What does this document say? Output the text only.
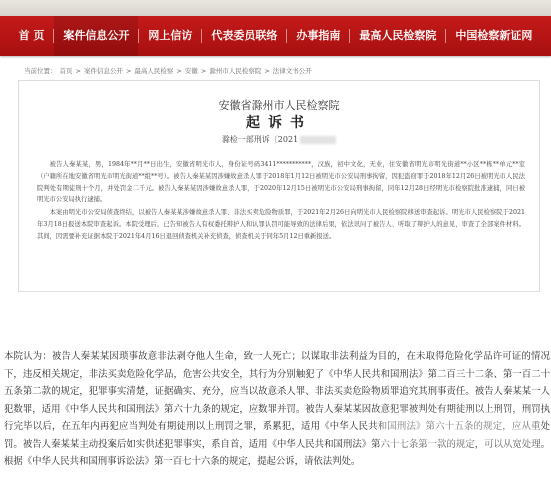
首 页	案件信息公开	网上信访	代表委员联络	办事指南	最高人民检察院	中国检察新证网
当前位置： 首页 > 案件信息公开 > 最高人民检察 > 安徽 > 滁州市人民检察院 > 法律文书公开
安徽省滁州市人民检察院
起诉书
滁检一部刑诉〔2021

被告人秦某某，男，1984年**月**日出生，安徽省明光市人，身份证号码3411***********，汉族，初中文化，无业，住安徽省明光市明光街道**小区**栋**单元**室（户籍所在地安徽省明光市明光街道**组**号）。被告人秦某某因涉嫌故意杀人罪于2018年1月12日被明光市公安局刑事拘留，因犯盗窃罪于2018年12月26日被明光市人民法院判处有期徒刑十个月，并处罚金二千元。被告人秦某某因涉嫌故意杀人罪，于2020年12月15日被明光市公安局刑事拘留，同年12月28日经明光市检察院批准逮捕，同日被明光市公安局执行逮捕。

本案由明光市公安局侦查终结，以被告人秦某某涉嫌故意杀人罪、非法买卖危险物质罪，于2021年2月26日向明光市人民检察院移送审查起诉。明光市人民检察院于2021年3月18日报送本院审查起诉。本院受理后，已告知被告人有权委托辩护人和认罪认罚可能导致的法律后果，依法讯问了被告人、听取了辩护人的意见，审查了全部案件材料。其间，因需要补充证据本院于2021年4月16日退回侦查机关补充侦查，侦查机关于同年5月12日重新报送。

本院认为：被告人秦某某因琐事故意非法剥夺他人生命，致一人死亡；以谋取非法利益为目的，在未取得危险化学品许可证的情况下，违反相关规定，非法买卖危险化学品，危害公共安全，其行为分别触犯了《中华人民共和国刑法》第二百三十二条、第一百二十五条第二款的规定，犯罪事实清楚，证据确实、充分，应当以故意杀人罪、非法买卖危险物质罪追究其刑事责任。被告人秦某某一人犯数罪，适用《中华人民共和国刑法》第六十九条的规定，应数罪并罚。被告人秦某某因故意犯罪被判处有期徒刑以上刑罚，刑罚执行完毕以后，在五年内再犯应当判处有期徒刑以上刑罚之罪，系累犯，适用《中华人民共和国刑法》第六十五条的规定，应从重处罚。被告人秦某某主动投案后如实供述犯罪事实，系自首，适用《中华人民共和国刑法》第六十七条第一款的规定，可以从宽处理。根据《中华人民共和国刑事诉讼法》第一百七十六条的规定，提起公诉，请依法判处。
